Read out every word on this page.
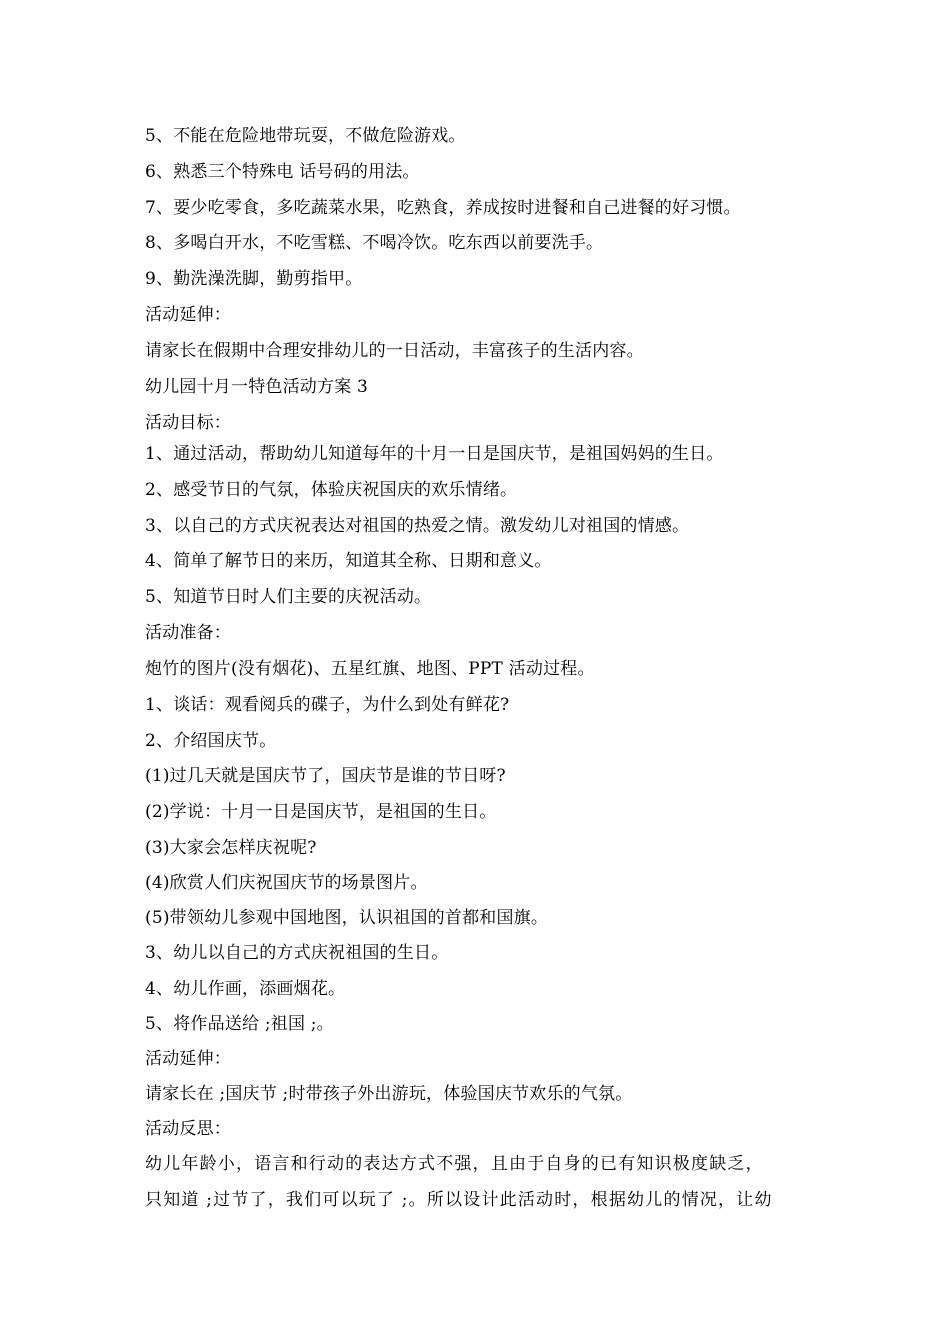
5、不能在危险地带玩耍，不做危险游戏。
6、熟悉三个特殊电 话号码的用法。
7、要少吃零食，多吃蔬菜水果，吃熟食，养成按时进餐和自己进餐的好习惯。
8、多喝白开水，不吃雪糕、不喝冷饮。吃东西以前要洗手。
9、勤洗澡洗脚，勤剪指甲。
活动延伸：
请家长在假期中合理安排幼儿的一日活动，丰富孩子的生活内容。
幼儿园十月一特色活动方案 3
活动目标：
1、通过活动，帮助幼儿知道每年的十月一日是国庆节，是祖国妈妈的生日。
2、感受节日的气氛，体验庆祝国庆的欢乐情绪。
3、以自己的方式庆祝表达对祖国的热爱之情。激发幼儿对祖国的情感。
4、简单了解节日的来历，知道其全称、日期和意义。
5、知道节日时人们主要的庆祝活动。
活动准备：
炮竹的图片(没有烟花)、五星红旗、地图、PPT 活动过程。
1、谈话：观看阅兵的碟子，为什么到处有鲜花?
2、介绍国庆节。
(1)过几天就是国庆节了，国庆节是谁的节日呀?
(2)学说：十月一日是国庆节，是祖国的生日。
(3)大家会怎样庆祝呢?
(4)欣赏人们庆祝国庆节的场景图片。
(5)带领幼儿参观中国地图，认识祖国的首都和国旗。
3、幼儿以自己的方式庆祝祖国的生日。
4、幼儿作画，添画烟花。
5、将作品送给 ;祖国 ;。
活动延伸：
请家长在 ;国庆节 ;时带孩子外出游玩，体验国庆节欢乐的气氛。
活动反思：
幼儿年龄小，语言和行动的表达方式不强，且由于自身的已有知识极度缺乏，
只知道 ;过节了，我们可以玩了 ;。所以设计此活动时，根据幼儿的情况，让幼
